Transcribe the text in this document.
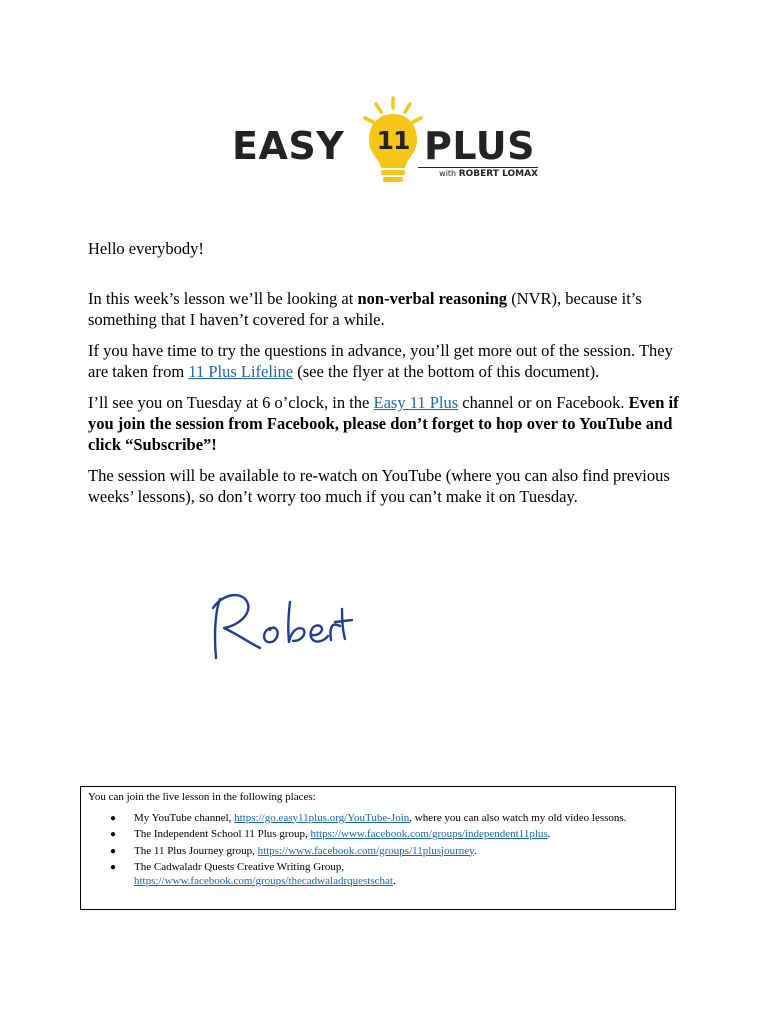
EASY	11 PLUS
with ROBERT LOMAX

Hello everybody!

In this week’s lesson we’ll be looking at non-verbal reasoning (NVR), because it’s something that I haven’t covered for a while.

If you have time to try the questions in advance, you’ll get more out of the session. They are taken from 11 Plus Lifeline (see the flyer at the bottom of this document).

I’ll see you on Tuesday at 6 o’clock, in the Easy 11 Plus channel or on Facebook. Even if you join the session from Facebook, please don’t forget to hop over to YouTube and click “Subscribe”!

The session will be available to re-watch on YouTube (where you can also find previous weeks’ lessons), so don’t worry too much if you can’t make it on Tuesday.

You can join the live lesson in the following places:

● My YouTube channel, https://go.easy11plus.org/YouTube-Join, where you can also watch my old video lessons.
● The Independent School 11 Plus group, https://www.facebook.com/groups/independent11plus.
● The 11 Plus Journey group, https://www.facebook.com/groups/11plusjourney.
● The Cadwaladr Quests Creative Writing Group,
https://www.facebook.com/groups/thecadwaladrquestschat.
